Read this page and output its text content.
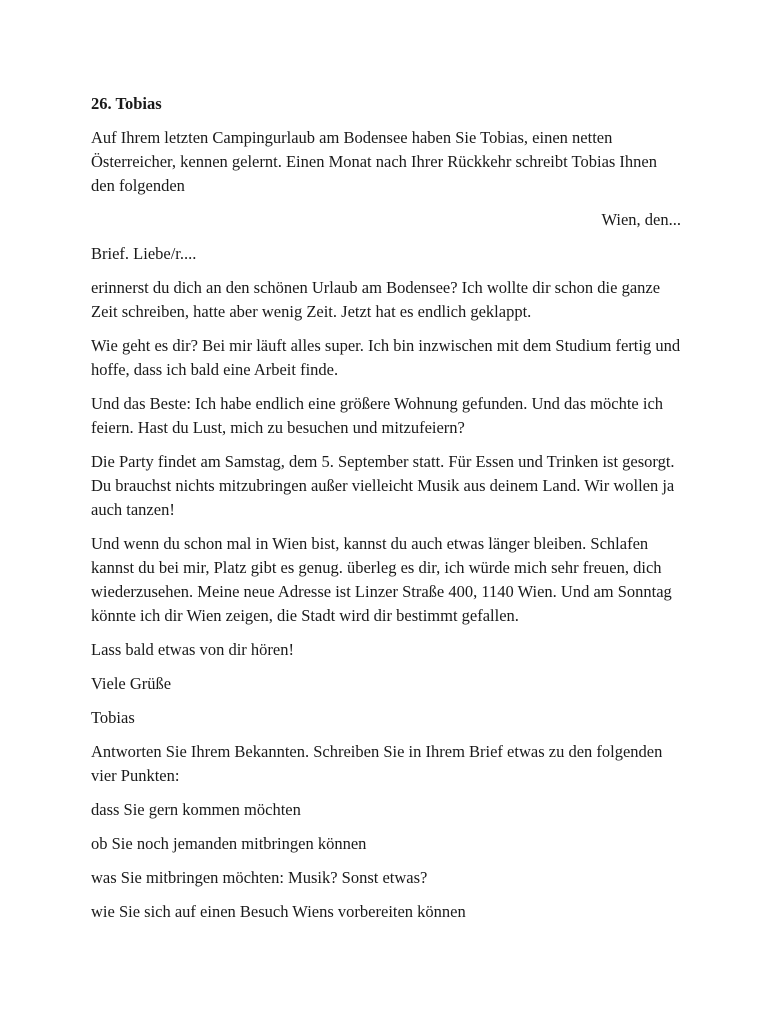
26. Tobias

Auf Ihrem letzten Campingurlaub am Bodensee haben Sie Tobias, einen netten Österreicher, kennen gelernt. Einen Monat nach Ihrer Rückkehr schreibt Tobias Ihnen den folgenden

Wien, den...

Brief. Liebe/r....

erinnerst du dich an den schönen Urlaub am Bodensee? Ich wollte dir schon die ganze Zeit schreiben, hatte aber wenig Zeit. Jetzt hat es endlich geklappt.

Wie geht es dir? Bei mir läuft alles super. Ich bin inzwischen mit dem Studium fertig und hoffe, dass ich bald eine Arbeit finde.

Und das Beste: Ich habe endlich eine größere Wohnung gefunden. Und das möchte ich feiern. Hast du Lust, mich zu besuchen und mitzufeiern?

Die Party findet am Samstag, dem 5. September statt. Für Essen und Trinken ist gesorgt. Du brauchst nichts mitzubringen außer vielleicht Musik aus deinem Land. Wir wollen ja auch tanzen!

Und wenn du schon mal in Wien bist, kannst du auch etwas länger bleiben. Schlafen kannst du bei mir, Platz gibt es genug. überleg es dir, ich würde mich sehr freuen, dich wiederzusehen. Meine neue Adresse ist Linzer Straße 400, 1140 Wien. Und am Sonntag könnte ich dir Wien zeigen, die Stadt wird dir bestimmt gefallen.

Lass bald etwas von dir hören!

Viele Grüße

Tobias

Antworten Sie Ihrem Bekannten. Schreiben Sie in Ihrem Brief etwas zu den folgenden vier Punkten:

dass Sie gern kommen möchten

ob Sie noch jemanden mitbringen können

was Sie mitbringen möchten: Musik? Sonst etwas?

wie Sie sich auf einen Besuch Wiens vorbereiten können
